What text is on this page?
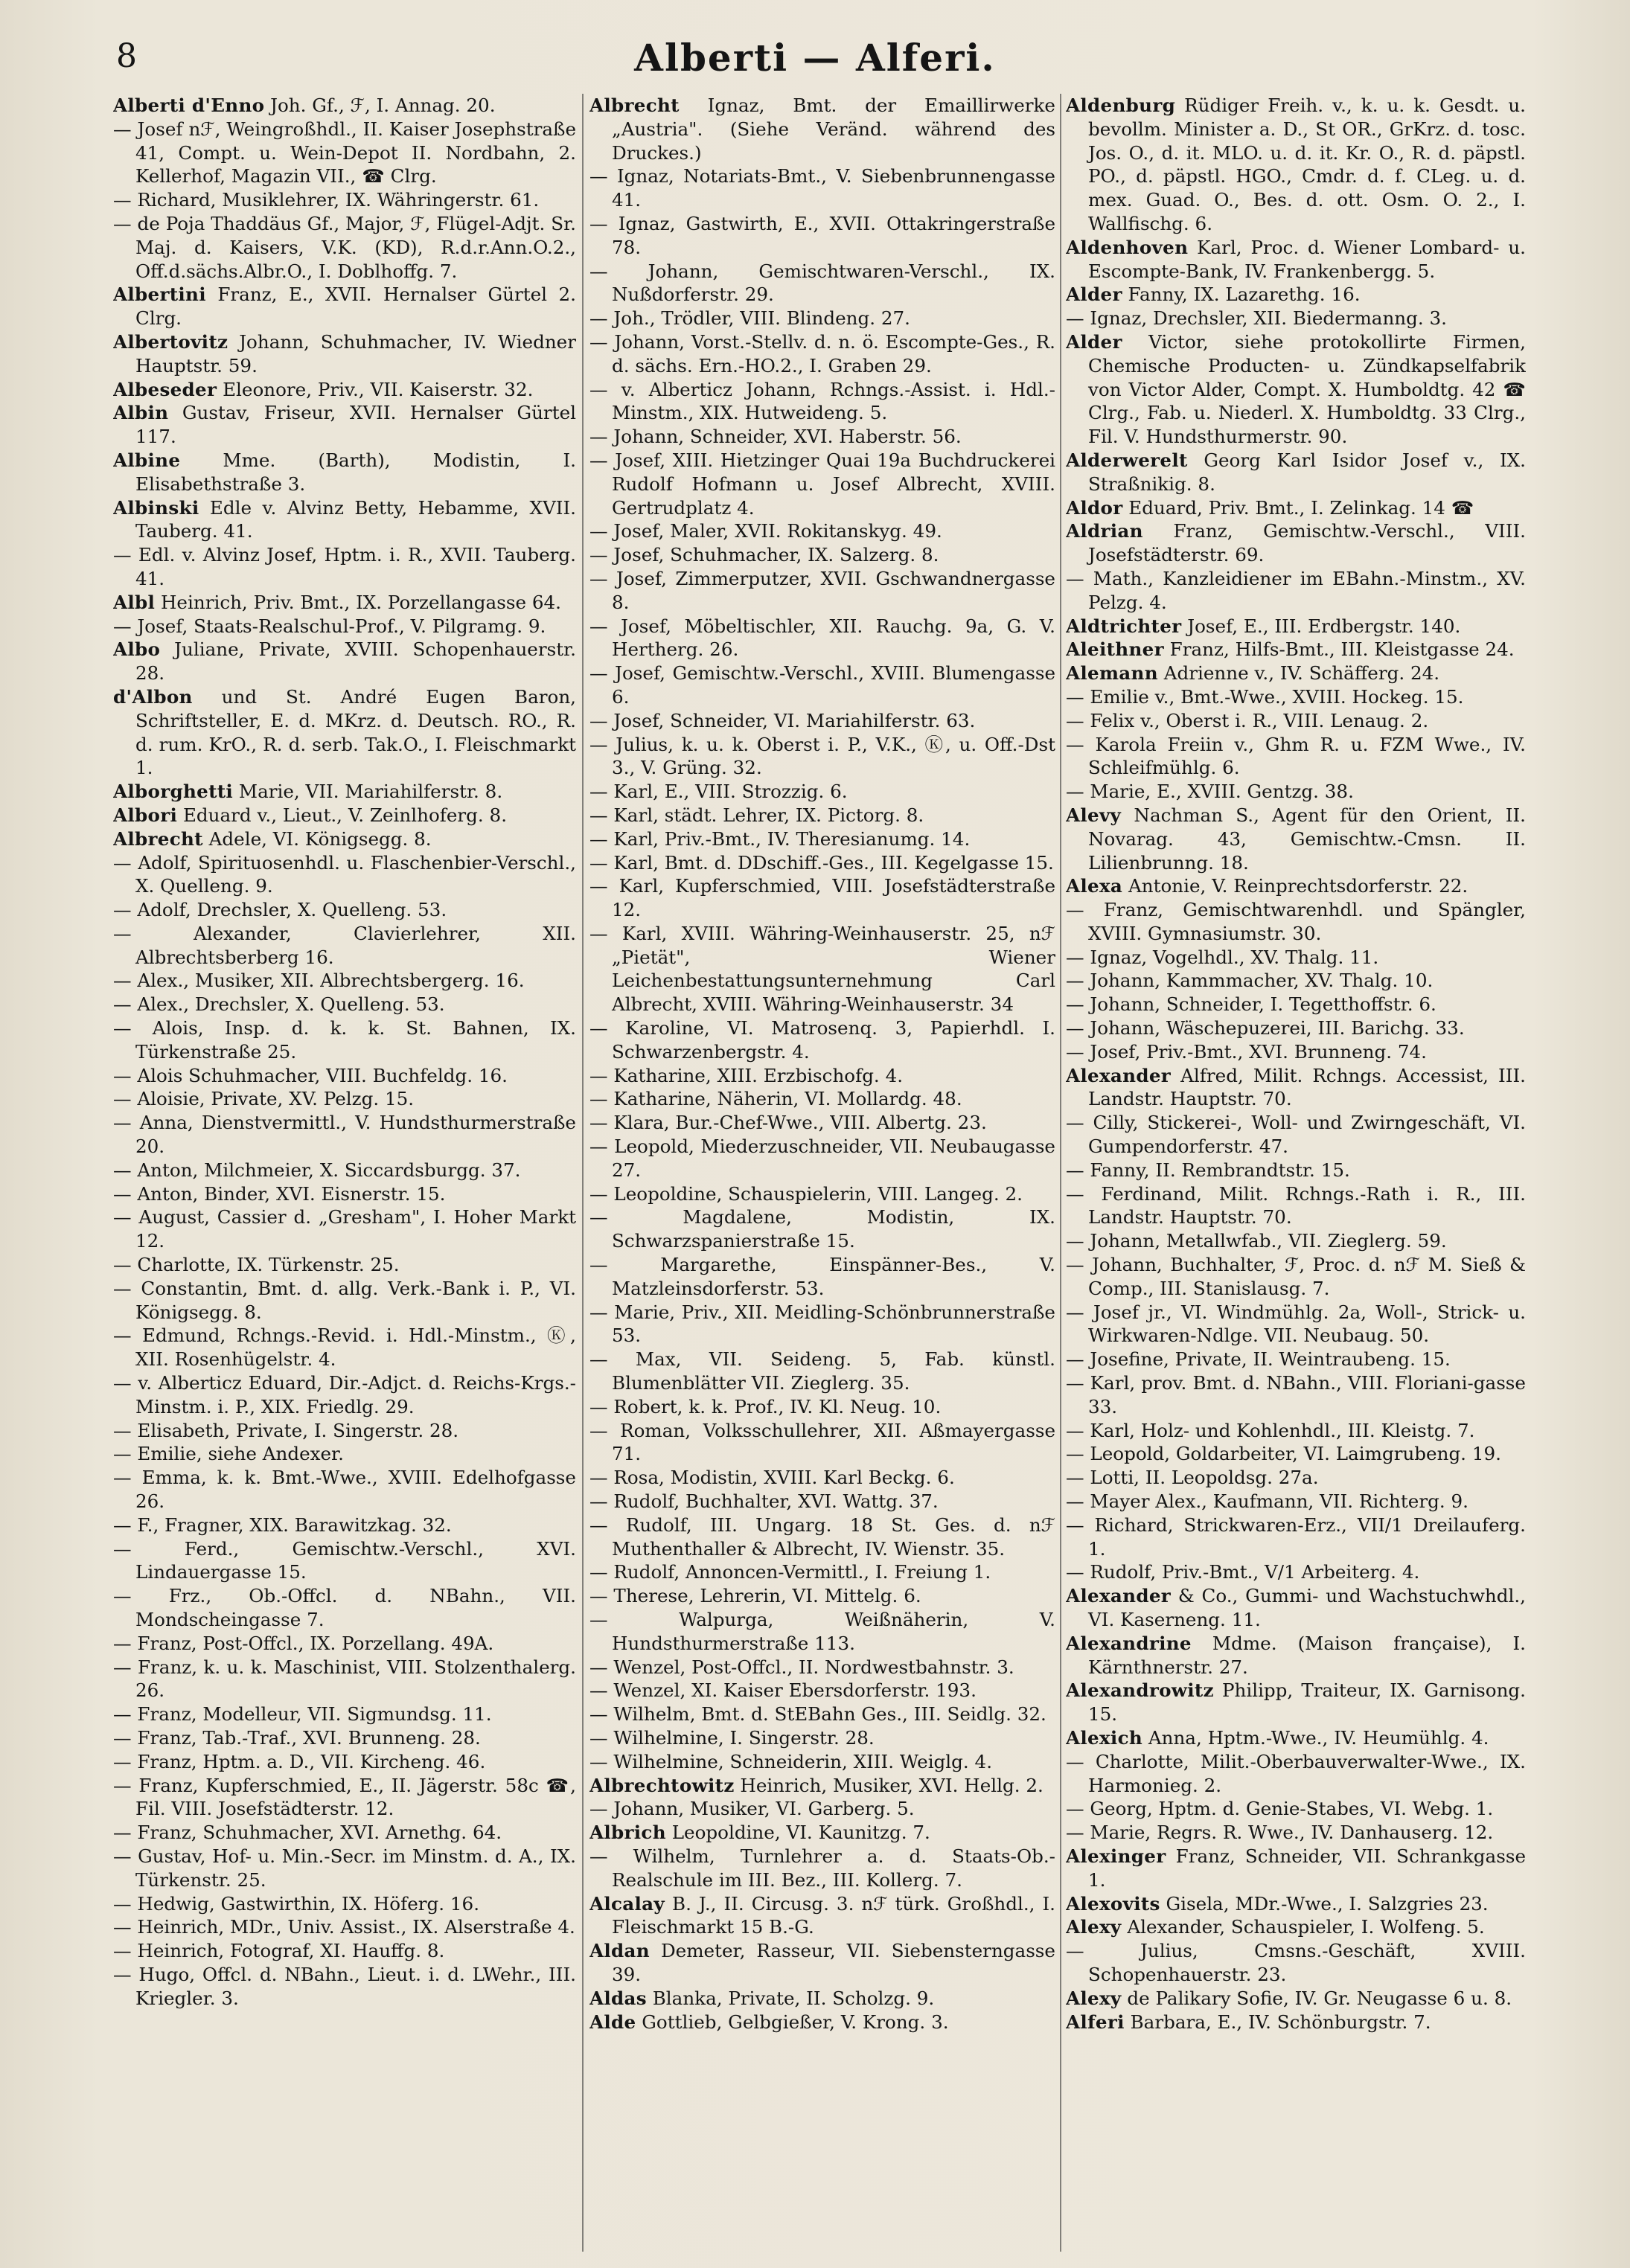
8	Alberti — Alferi.
Alberti d'Enno Joh. Gf., ℱ, I. Annag. 20.
— Josef nℱ, Weingroßhdl., II. Kaiser Josephstraße 41, Compt. u. Wein-Depot II. Nordbahn, 2. Kellerhof, Magazin VII., ☎ Clrg.
— Richard, Musiklehrer, IX. Währingerstr. 61.
— de Poja Thaddäus Gf., Major, ℱ, Flügel-Adjt. Sr. Maj. d. Kaisers, V.K. (KD), R.d.r.Ann.O.2., Off.d.sächs.Albr.O., I. Doblhoffg. 7.
Albertini Franz, E., XVII. Hernalser Gürtel 2. Clrg.
Albertovitz Johann, Schuhmacher, IV. Wiedner Hauptstr. 59.
Albeseder Eleonore, Priv., VII. Kaiserstr. 32.
Albin Gustav, Friseur, XVII. Hernalser Gürtel 117.
Albine Mme. (Barth), Modistin, I. Elisabethstraße 3.
Albinski Edle v. Alvinz Betty, Hebamme, XVII. Tauberg. 41.
— Edl. v. Alvinz Josef, Hptm. i. R., XVII. Tauberg. 41.
Albl Heinrich, Priv. Bmt., IX. Porzellangasse 64.
— Josef, Staats-Realschul-Prof., V. Pilgramg. 9.
Albo Juliane, Private, XVIII. Schopenhauerstr. 28.
d'Albon und St. André Eugen Baron, Schriftsteller, E. d. MKrz. d. Deutsch. RO., R. d. rum. KrO., R. d. serb. Tak.O., I. Fleischmarkt 1.
Alborghetti Marie, VII. Mariahilferstr. 8.
Albori Eduard v., Lieut., V. Zeinlhoferg. 8.
Albrecht Adele, VI. Königsegg. 8.
— Adolf, Spirituosenhdl. u. Flaschenbier-Verschl., X. Quelleng. 9.
— Adolf, Drechsler, X. Quelleng. 53.
— Alexander, Clavierlehrer, XII. Albrechtsberberg 16.
— Alex., Musiker, XII. Albrechtsbergerg. 16.
— Alex., Drechsler, X. Quelleng. 53.
— Alois, Insp. d. k. k. St. Bahnen, IX. Türkenstraße 25.
— Alois Schuhmacher, VIII. Buchfeldg. 16.
— Aloisie, Private, XV. Pelzg. 15.
— Anna, Dienstvermittl., V. Hundsthurmerstraße 20.
— Anton, Milchmeier, X. Siccardsburgg. 37.
— Anton, Binder, XVI. Eisnerstr. 15.
— August, Cassier d. „Gresham", I. Hoher Markt 12.
— Charlotte, IX. Türkenstr. 25.
— Constantin, Bmt. d. allg. Verk.-Bank i. P., VI. Königsegg. 8.
— Edmund, Rchngs.-Revid. i. Hdl.-Minstm., Ⓚ, XII. Rosenhügelstr. 4.
— v. Alberticz Eduard, Dir.-Adjct. d. Reichs-Krgs.-Minstm. i. P., XIX. Friedlg. 29.
— Elisabeth, Private, I. Singerstr. 28.
— Emilie, siehe Andexer.
— Emma, k. k. Bmt.-Wwe., XVIII. Edelhofgasse 26.
— F., Fragner, XIX. Barawitzkag. 32.
— Ferd., Gemischtw.-Verschl., XVI. Lindauergasse 15.
— Frz., Ob.-Offcl. d. NBahn., VII. Mondscheingasse 7.
— Franz, Post-Offcl., IX. Porzellang. 49A.
— Franz, k. u. k. Maschinist, VIII. Stolzenthalerg. 26.
— Franz, Modelleur, VII. Sigmundsg. 11.
— Franz, Tab.-Traf., XVI. Brunneng. 28.
— Franz, Hptm. a. D., VII. Kircheng. 46.
— Franz, Kupferschmied, E., II. Jägerstr. 58c ☎, Fil. VIII. Josefstädterstr. 12.
— Franz, Schuhmacher, XVI. Arnethg. 64.
— Gustav, Hof- u. Min.-Secr. im Minstm. d. A., IX. Türkenstr. 25.
— Hedwig, Gastwirthin, IX. Höferg. 16.
— Heinrich, MDr., Univ. Assist., IX. Alserstraße 4.
— Heinrich, Fotograf, XI. Hauffg. 8.
— Hugo, Offcl. d. NBahn., Lieut. i. d. LWehr., III. Kriegler. 3.
Albrecht Ignaz, Bmt. der Emaillirwerke „Austria". (Siehe Veränd. während des Druckes.)
— Ignaz, Notariats-Bmt., V. Siebenbrunnengasse 41.
— Ignaz, Gastwirth, E., XVII. Ottakringerstraße 78.
— Johann, Gemischtwaren-Verschl., IX. Nußdorferstr. 29.
— Joh., Trödler, VIII. Blindeng. 27.
— Johann, Vorst.-Stellv. d. n. ö. Escompte-Ges., R. d. sächs. Ern.-HO.2., I. Graben 29.
— v. Alberticz Johann, Rchngs.-Assist. i. Hdl.-Minstm., XIX. Hutweideng. 5.
— Johann, Schneider, XVI. Haberstr. 56.
— Josef, XIII. Hietzinger Quai 19a Buchdruckerei Rudolf Hofmann u. Josef Albrecht, XVIII. Gertrudplatz 4.
— Josef, Maler, XVII. Rokitanskyg. 49.
— Josef, Schuhmacher, IX. Salzerg. 8.
— Josef, Zimmerputzer, XVII. Gschwandnergasse 8.
— Josef, Möbeltischler, XII. Rauchg. 9a, G. V. Hertherg. 26.
— Josef, Gemischtw.-Verschl., XVIII. Blumengasse 6.
— Josef, Schneider, VI. Mariahilferstr. 63.
— Julius, k. u. k. Oberst i. P., V.K., Ⓚ, u. Off.-Dst 3., V. Grüng. 32.
— Karl, E., VIII. Strozzig. 6.
— Karl, städt. Lehrer, IX. Pictorg. 8.
— Karl, Priv.-Bmt., IV. Theresianumg. 14.
— Karl, Bmt. d. DDschiff.-Ges., III. Kegelgasse 15.
— Karl, Kupferschmied, VIII. Josefstädterstraße 12.
— Karl, XVIII. Währing-Weinhauserstr. 25, nℱ „Pietät", Wiener Leichenbestattungsunternehmung Carl Albrecht, XVIII. Währing-Weinhauserstr. 34
— Karoline, VI. Matrosenq. 3, Papierhdl. I. Schwarzenbergstr. 4.
— Katharine, XIII. Erzbischofg. 4.
— Katharine, Näherin, VI. Mollardg. 48.
— Klara, Bur.-Chef-Wwe., VIII. Albertg. 23.
— Leopold, Miederzuschneider, VII. Neubaugasse 27.
— Leopoldine, Schauspielerin, VIII. Langeg. 2.
— Magdalene, Modistin, IX. Schwarzspanierstraße 15.
— Margarethe, Einspänner-Bes., V. Matzleinsdorferstr. 53.
— Marie, Priv., XII. Meidling-Schönbrunnerstraße 53.
— Max, VII. Seideng. 5, Fab. künstl. Blumenblätter VII. Zieglerg. 35.
— Robert, k. k. Prof., IV. Kl. Neug. 10.
— Roman, Volksschullehrer, XII. Aßmayergasse 71.
— Rosa, Modistin, XVIII. Karl Beckg. 6.
— Rudolf, Buchhalter, XVI. Wattg. 37.
— Rudolf, III. Ungarg. 18 St. Ges. d. nℱ Muthenthaller & Albrecht, IV. Wienstr. 35.
— Rudolf, Annoncen-Vermittl., I. Freiung 1.
— Therese, Lehrerin, VI. Mittelg. 6.
— Walpurga, Weißnäherin, V. Hundsthurmerstraße 113.
— Wenzel, Post-Offcl., II. Nordwestbahnstr. 3.
— Wenzel, XI. Kaiser Ebersdorferstr. 193.
— Wilhelm, Bmt. d. StEBahn Ges., III. Seidlg. 32.
— Wilhelmine, I. Singerstr. 28.
— Wilhelmine, Schneiderin, XIII. Weiglg. 4.
Albrechtowitz Heinrich, Musiker, XVI. Hellg. 2.
— Johann, Musiker, VI. Garberg. 5.
Albrich Leopoldine, VI. Kaunitzg. 7.
— Wilhelm, Turnlehrer a. d. Staats-Ob.-Realschule im III. Bez., III. Kollerg. 7.
Alcalay B. J., II. Circusg. 3. nℱ türk. Großhdl., I. Fleischmarkt 15 B.-G.
Aldan Demeter, Rasseur, VII. Siebensterngasse 39.
Aldas Blanka, Private, II. Scholzg. 9.
Alde Gottlieb, Gelbgießer, V. Krong. 3.
Aldenburg Rüdiger Freih. v., k. u. k. Gesdt. u. bevollm. Minister a. D., St OR., GrKrz. d. tosc. Jos. O., d. it. MLO. u. d. it. Kr. O., R. d. päpstl. PO., d. päpstl. HGO., Cmdr. d. f. CLeg. u. d. mex. Guad. O., Bes. d. ott. Osm. O. 2., I. Wallfischg. 6.
Aldenhoven Karl, Proc. d. Wiener Lombard- u. Escompte-Bank, IV. Frankenbergg. 5.
Alder Fanny, IX. Lazarethg. 16.
— Ignaz, Drechsler, XII. Biedermanng. 3.
Alder Victor, siehe protokollirte Firmen, Chemische Producten- u. Zündkapselfabrik von Victor Alder, Compt. X. Humboldtg. 42 ☎ Clrg., Fab. u. Niederl. X. Humboldtg. 33 Clrg., Fil. V. Hundsthurmerstr. 90.
Alderwerelt Georg Karl Isidor Josef v., IX. Straßnikig. 8.
Aldor Eduard, Priv. Bmt., I. Zelinkag. 14 ☎
Aldrian Franz, Gemischtw.-Verschl., VIII. Josefstädterstr. 69.
— Math., Kanzleidiener im EBahn.-Minstm., XV. Pelzg. 4.
Aldtrichter Josef, E., III. Erdbergstr. 140.
Aleithner Franz, Hilfs-Bmt., III. Kleistgasse 24.
Alemann Adrienne v., IV. Schäfferg. 24.
— Emilie v., Bmt.-Wwe., XVIII. Hockeg. 15.
— Felix v., Oberst i. R., VIII. Lenaug. 2.
— Karola Freiin v., Ghm R. u. FZM Wwe., IV. Schleifmühlg. 6.
— Marie, E., XVIII. Gentzg. 38.
Alevy Nachman S., Agent für den Orient, II. Novarag. 43, Gemischtw.-Cmsn. II. Lilienbrunng. 18.
Alexa Antonie, V. Reinprechtsdorferstr. 22.
— Franz, Gemischtwarenhdl. und Spängler, XVIII. Gymnasiumstr. 30.
— Ignaz, Vogelhdl., XV. Thalg. 11.
— Johann, Kammmacher, XV. Thalg. 10.
— Johann, Schneider, I. Tegetthoffstr. 6.
— Johann, Wäschepuzerei, III. Barichg. 33.
— Josef, Priv.-Bmt., XVI. Brunneng. 74.
Alexander Alfred, Milit. Rchngs. Accessist, III. Landstr. Hauptstr. 70.
— Cilly, Stickerei-, Woll- und Zwirngeschäft, VI. Gumpendorferstr. 47.
— Fanny, II. Rembrandtstr. 15.
— Ferdinand, Milit. Rchngs.-Rath i. R., III. Landstr. Hauptstr. 70.
— Johann, Metallwfab., VII. Zieglerg. 59.
— Johann, Buchhalter, ℱ, Proc. d. nℱ M. Sieß & Comp., III. Stanislausg. 7.
— Josef jr., VI. Windmühlg. 2a, Woll-, Strick- u. Wirkwaren-Ndlge. VII. Neubaug. 50.
— Josefine, Private, II. Weintraubeng. 15.
— Karl, prov. Bmt. d. NBahn., VIII. Floriani-gasse 33.
— Karl, Holz- und Kohlenhdl., III. Kleistg. 7.
— Leopold, Goldarbeiter, VI. Laimgrubeng. 19.
— Lotti, II. Leopoldsg. 27a.
— Mayer Alex., Kaufmann, VII. Richterg. 9.
— Richard, Strickwaren-Erz., VII/1 Dreilauferg. 1.
— Rudolf, Priv.-Bmt., V/1 Arbeiterg. 4.
Alexander & Co., Gummi- und Wachstuchwhdl., VI. Kaserneng. 11.
Alexandrine Mdme. (Maison française), I. Kärnthnerstr. 27.
Alexandrowitz Philipp, Traiteur, IX. Garnisong. 15.
Alexich Anna, Hptm.-Wwe., IV. Heumühlg. 4.
— Charlotte, Milit.-Oberbauverwalter-Wwe., IX. Harmonieg. 2.
— Georg, Hptm. d. Genie-Stabes, VI. Webg. 1.
— Marie, Regrs. R. Wwe., IV. Danhauserg. 12.
Alexinger Franz, Schneider, VII. Schrankgasse 1.
Alexovits Gisela, MDr.-Wwe., I. Salzgries 23.
Alexy Alexander, Schauspieler, I. Wolfeng. 5.
— Julius, Cmsns.-Geschäft, XVIII. Schopenhauerstr. 23.
Alexy de Palikary Sofie, IV. Gr. Neugasse 6 u. 8.
Alferi Barbara, E., IV. Schönburgstr. 7.
